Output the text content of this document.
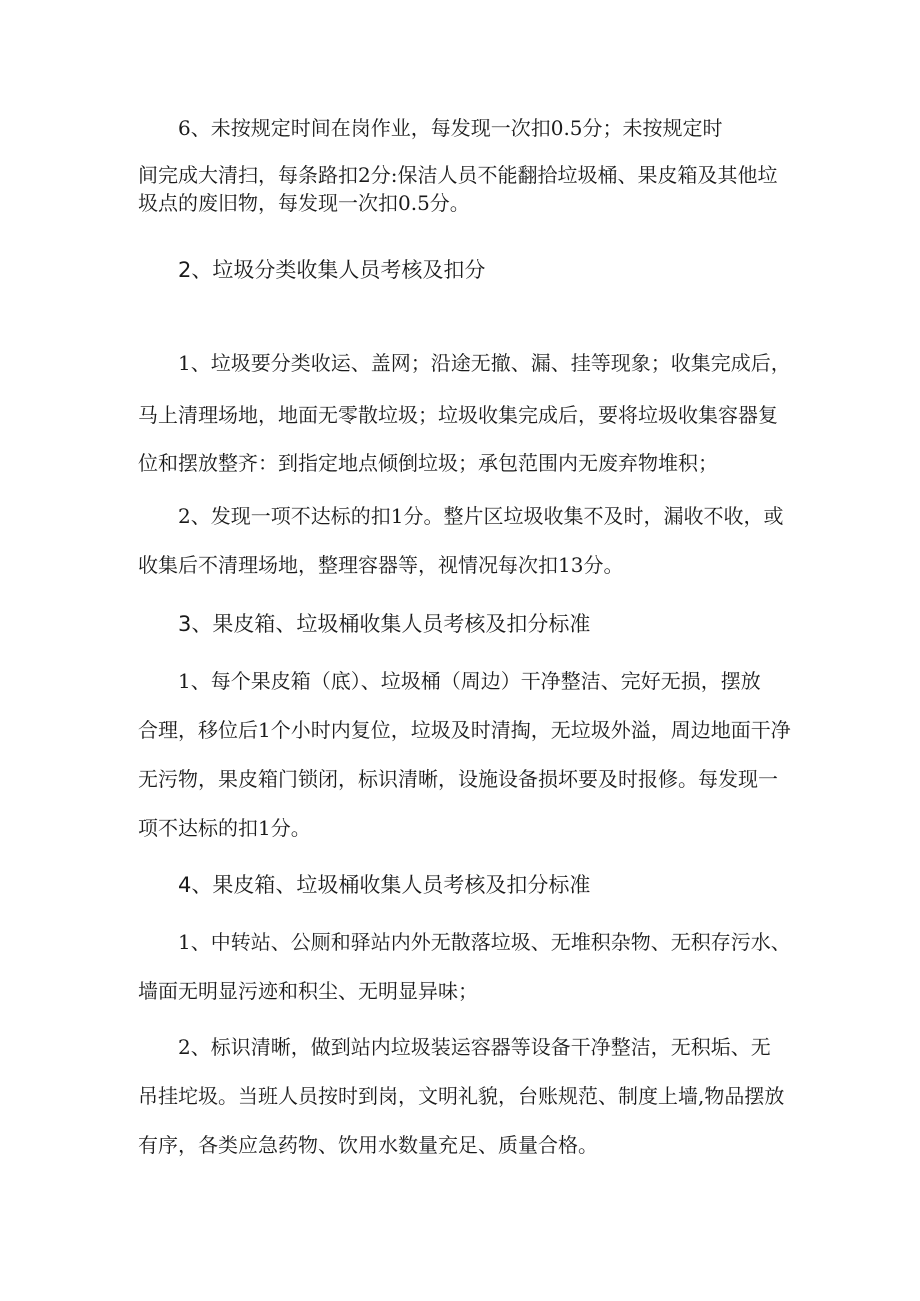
6、未按规定时间在岗作业，每发现一次扣0.5分；未按规定时
间完成大清扫，每条路扣2分:保洁人员不能翻拾垃圾桶、果皮箱及其他垃
圾点的废旧物，每发现一次扣0.5分。
2、垃圾分类收集人员考核及扣分
1、垃圾要分类收运、盖网；沿途无撤、漏、挂等现象；收集完成后，
马上清理场地，地面无零散垃圾；垃圾收集完成后，要将垃圾收集容器复
位和摆放整齐：到指定地点倾倒垃圾；承包范围内无废弃物堆积；
2、发现一项不达标的扣1分。整片区垃圾收集不及时，漏收不收，或
收集后不清理场地，整理容器等，视情况每次扣13分。
3、果皮箱、垃圾桶收集人员考核及扣分标准
1、每个果皮箱（底）、垃圾桶（周边）干净整洁、完好无损，摆放
合理，移位后1个小时内复位，垃圾及时清掏，无垃圾外溢，周边地面干净
无污物，果皮箱门锁闭，标识清晰，设施设备损坏要及时报修。每发现一
项不达标的扣1分。
4、果皮箱、垃圾桶收集人员考核及扣分标准
1、中转站、公厕和驿站内外无散落垃圾、无堆积杂物、无积存污水、
墙面无明显污迹和积尘、无明显异味；
2、标识清晰，做到站内垃圾装运容器等设备干净整洁，无积垢、无
吊挂坨圾。当班人员按时到岗，文明礼貌，台账规范、制度上墙,物品摆放
有序，各类应急药物、饮用水数量充足、质量合格。
